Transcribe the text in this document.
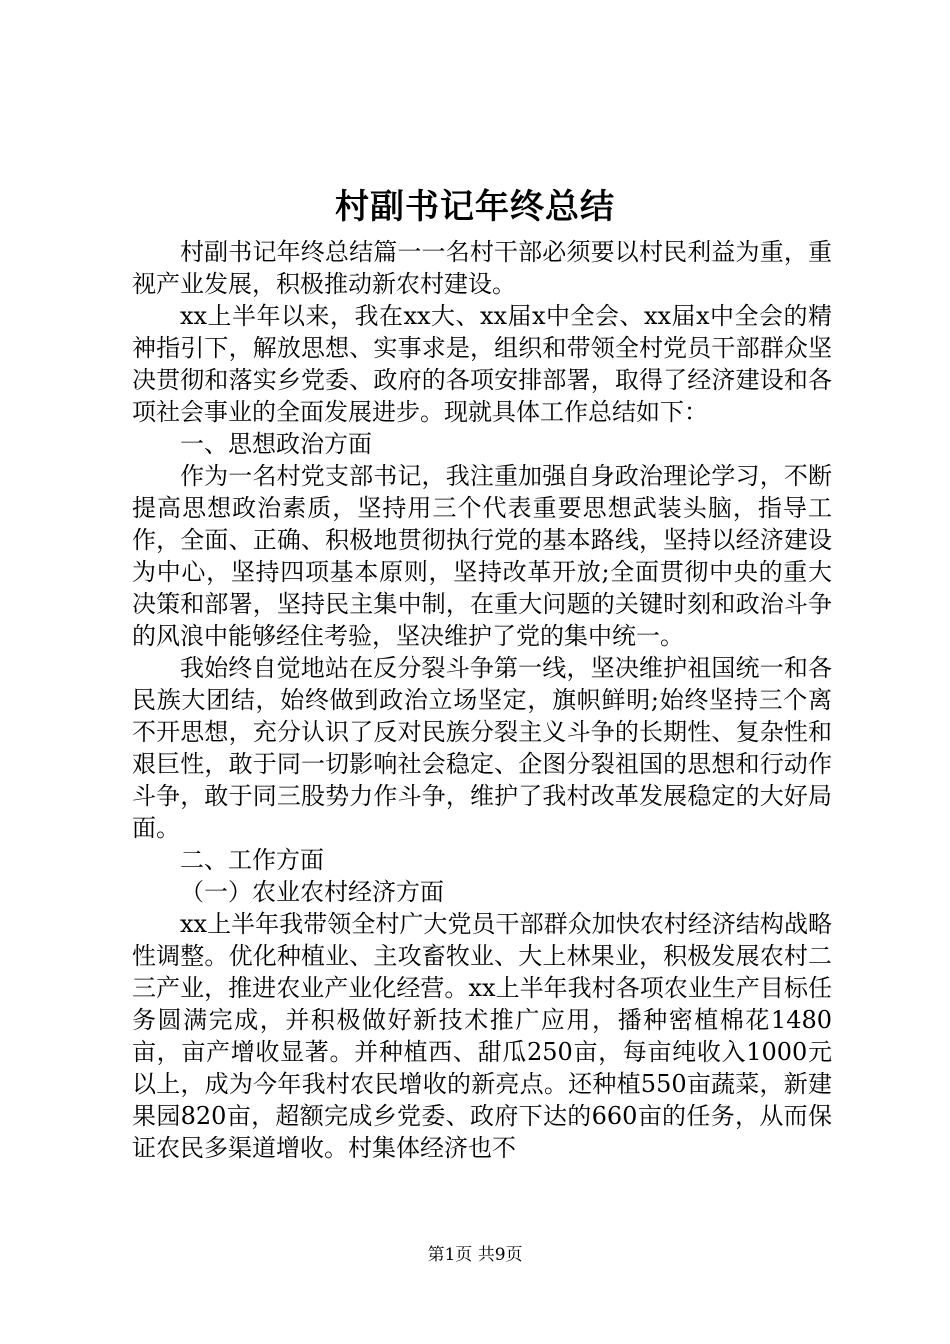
村副书记年终总结

村副书记年终总结篇一一名村干部必须要以村民利益为重，重视产业发展，积极推动新农村建设。

xx上半年以来，我在xx大、xx届x中全会、xx届x中全会的精神指引下，解放思想、实事求是，组织和带领全村党员干部群众坚决贯彻和落实乡党委、政府的各项安排部署，取得了经济建设和各项社会事业的全面发展进步。现就具体工作总结如下：

一、思想政治方面

作为一名村党支部书记，我注重加强自身政治理论学习，不断提高思想政治素质，坚持用三个代表重要思想武装头脑，指导工作，全面、正确、积极地贯彻执行党的基本路线，坚持以经济建设为中心，坚持四项基本原则，坚持改革开放;全面贯彻中央的重大决策和部署，坚持民主集中制，在重大问题的关键时刻和政治斗争的风浪中能够经住考验，坚决维护了党的集中统一。

我始终自觉地站在反分裂斗争第一线，坚决维护祖国统一和各民族大团结，始终做到政治立场坚定，旗帜鲜明;始终坚持三个离不开思想，充分认识了反对民族分裂主义斗争的长期性、复杂性和艰巨性，敢于同一切影响社会稳定、企图分裂祖国的思想和行动作斗争，敢于同三股势力作斗争，维护了我村改革发展稳定的大好局面。

二、工作方面

（一）农业农村经济方面

xx上半年我带领全村广大党员干部群众加快农村经济结构战略性调整。优化种植业、主攻畜牧业、大上林果业，积极发展农村二三产业，推进农业产业化经营。xx上半年我村各项农业生产目标任务圆满完成，并积极做好新技术推广应用，播种密植棉花1480亩，亩产增收显著。并种植西、甜瓜250亩，每亩纯收入1000元以上，成为今年我村农民增收的新亮点。还种植550亩蔬菜，新建果园820亩，超额完成乡党委、政府下达的660亩的任务，从而保证农民多渠道增收。村集体经济也不

第1页 共9页
